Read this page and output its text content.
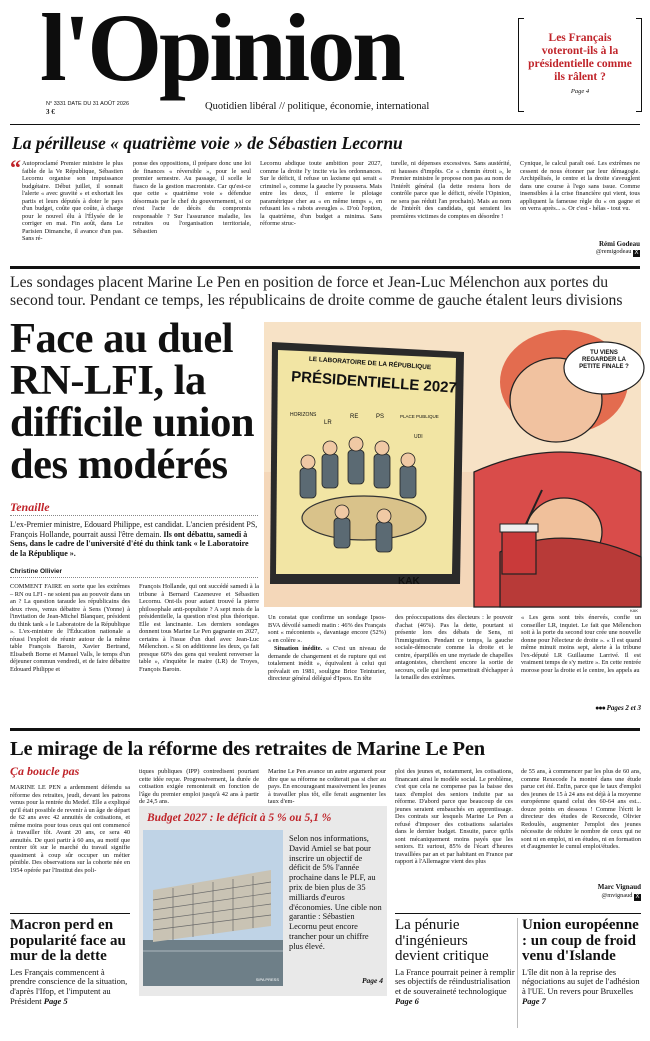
l'Opinion
N° 3331 DATE DU 31 AOÛT 2026
3 €	Quotidien libéral // politique, économie, international
Les Français voteront-ils à la présidentielle comme ils râlent ?
Page 4
La périlleuse « quatrième voie » de Sébastien Lecornu
“ Autoproclamé Premier ministre le plus faible de la Ve République, Sébastien Lecornu organise son impuissance budgétaire. Début juillet, il sonnait l'alerte « avec gravité » et exhortait les partis et leurs députés à doter le pays d'un budget, coûte que coûte, à charge pour le nouvel élu à l'Élysée de le corriger en mai. Fin août, dans Le Parisien Dimanche, il avance d'un pas. Sans ré-

ponse des oppositions, il prépare donc une loi de finances « réversible », pour le seul premier semestre. Au passage, il scelle le fiasco de la gestion macroniste. Car qu'est-ce que cette « quatrième voie » défendue désormais par le chef du gouvernement, si ce n'est l'acte de décès du compromis responsable ? Sur l'assurance maladie, les retraites ou l'organisation territoriale, Sébastien

Lecornu abdique toute ambition pour 2027, comme la droite l'y incite via les ordonnances. Sur le déficit, il refuse un laxisme qui serait « criminel », comme la gauche l'y poussera. Mais entre les deux, il enterre le pilotage paramétrique cher au « en même temps », en refusant les « rabots aveugles ». D'où l'option, la quatrième, d'un budget a minima. Sans réforme struc-

turelle, ni dépenses excessives. Sans austérité, ni hausses d'impôts. Ce « chemin étroit », le Premier ministre le propose non pas au nom de l'intérêt général (la dette restera hors de contrôle parce que le déficit, révèle l'Opinion, ne sera pas réduit l'an prochain). Mais au nom de l'intérêt des candidats, qui seraient les premières victimes de comptes en désordre !

Cynique, le calcul paraît osé. Les extrêmes ne cessent de nous étonner par leur démagogie. Archipélisés, le centre et la droite s'aveuglent dans une course à l'ego sans issue. Comme insensibles à la crise financière qui vient, tous appliquent la fameuse règle du « on gagne et on verra après... ». Or c'est - hélas - tout vu.

Rémi Godeau
@remigodeau X
Les sondages placent Marine Le Pen en position de force et Jean-Luc Mélenchon aux portes du second tour. Pendant ce temps, les républicains de droite comme de gauche étalent leurs divisions
Face au duel RN-LFI, la difficile union des modérés
Tenaille
L'ex-Premier ministre, Edouard Philippe, est candidat. L'ancien président PS, François Hollande, pourrait aussi l'être demain. Ils ont débattu, samedi à Sens, dans le cadre de l'université d'été du think tank « le Laboratoire de la République ».
Christine Ollivier
LE LABORATOIRE DE LA RÉPUBLIQUE
PRÉSIDENTIELLE 2027
HORIZONS
LR
RE	PS	PLACE PUBLIQUE
UDI
TU VIENS REGARDER LA PETITE FINALE ?
KAK
KAK

COMMENT FAIRE en sorte que les extrêmes – RN ou LFI - ne soient pas au pouvoir dans un an ? La question taraude les républicains des deux rives, venus débattre à Sens (Yonne) à l'invitation de Jean-Michel Blanquer, président du think tank « le Laboratoire de la République ». L'ex-ministre de l'Éducation nationale a réussi l'exploit de réunir autour de la même table François Baroin, Xavier Bertrand, Elisabeth Borne et Manuel Valls, le temps d'un déjeuner commun vendredi, et de faire débattre Edouard Philippe et

François Hollande, qui ont succédé samedi à la tribune à Bernard Cazeneuve et Sébastien Lecornu. Ont-ils pour autant trouvé la pierre philosophale anti-populiste ? A sept mois de la présidentielle, la question n'est plus théorique. Elle est lancinante. Les derniers sondages donnent tous Marine Le Pen gagnante en 2027, certains à l'issue d'un duel avec Jean-Luc Mélenchon. « Si on additionne les deux, ça fait presque 60% des gens qui veulent renverser la table », s'inquiète le maire (LR) de Troyes, François Baroin.

Un constat que confirme un sondage Ipsos-BVA dévoilé samedi matin : 46% des Français sont « mécontents », davantage encore (52%) « en colère ».

Situation inédite. « C'est un niveau de demande de changement et de rupture qui est totalement inédit », équivalent à celui qui prévalait en 1981, souligne Brice Teinturier, directeur général délégué d'Ipsos. En tête

des préoccupations des électeurs : le pouvoir d'achat (46%). Pas la dette, pourtant si présente lors des débats de Sens, ni l'immigration. Pendant ce temps, la gauche sociale-démocrate comme la droite et le centre, éparpillés en une myriade de chapelles antagonistes, cherchent encore la sortie de secours, celle qui leur permettrait d'échapper à la tenaille des extrêmes.

« Les gens sont très énervés, confie un conseiller LR, inquiet. Le fait que Mélenchon soit à la porte du second tour crée une nouvelle donne pour l'électeur de droite ». « Il est quand même minuit moins sept, alerte à la tribune l'ex-député LR Guillaume Larrivé. Il est vraiment temps de s'y mettre ». En cette rentrée morose pour la droite et le centre, les appels au

●●● Pages 2 et 3
Le mirage de la réforme des retraites de Marine Le Pen
Ça boucle pas

MARINE LE PEN a ardemment défendu sa réforme des retraites, jeudi, devant les patrons venus pour la rentrée du Medef. Elle a expliqué qu'il était possible de revenir à un âge de départ de 62 ans avec 42 annuités de cotisations, et même moins pour tous ceux qui ont commencé à travailler tôt. Avant 20 ans, ce sera 40 annuités. De quoi partir à 60 ans, au motif que rentrer tôt sur le marché du travail signifie quasiment à coup sûr occuper un métier pénible. Des observations sur la cohorte née en 1954 opérée par l'Institut des poli-

tiques publiques (IPP) contredisent pourtant cette idée reçue. Progressivement, la durée de cotisation exigée remonterait en fonction de l'âge du premier emploi jusqu'à 42 ans à partir de 24,5 ans.

Marine Le Pen avance un autre argument pour dire que sa réforme ne coûterait pas si cher au pays. En encourageant massivement les jeunes à travailler plus tôt, elle ferait augmenter les taux d'em-

ploi des jeunes et, notamment, les cotisations, financant ainsi le modèle social. Le problème, c'est que cela ne compense pas la baisse des taux d'emploi des seniors induite par sa réforme. D'abord parce que beaucoup de ces jeunes seraient embauchés en apprentissage. Des contrats sur lesquels Marine Le Pen a refusé d'imposer des cotisations salariales dans le dernier budget. Ensuite, parce qu'ils sont mécaniquement moins payés que les seniors. Et surtout, 85% de l'écart d'heures travaillées par an et par habitant en France par rapport à l'Allemagne vient des plus

de 55 ans, à commencer par les plus de 60 ans, comme Rexecode l'a montré dans une étude parue cet été. Enfin, parce que le taux d'emploi des jeunes de 15 à 24 ans est déjà à la moyenne européenne quand celui des 60-64 ans est... douze points en dessous ! Comme l'écrit le directeur des études de Rexecode, Olivier Redoulès, augmenter l'emploi des jeunes nécessite de réduire le nombre de ceux qui ne sont ni en emploi, ni en études, ni en formation et d'augmenter le cumul emploi/études.

Marc Vignaud
@mvignaud X
Budget 2027 : le déficit à 5 % ou 5,1 %
SIPA PRESS
Selon nos informations, David Amiel se bat pour inscrire un objectif de déficit de 5% l'année prochaine dans le PLF, au prix de bien plus de 35 milliards d'euros d'économies. Une cible non garantie : Sébastien Lecornu peut encore trancher pour un chiffre plus élevé.
Page 4
Macron perd en popularité face au mur de la dette
Les Français commencent à prendre conscience de la situation, d'après l'Ifop, et l'imputent au Président Page 5
La pénurie d'ingénieurs devient critique
La France pourrait peiner à remplir ses objectifs de réindustrialisation et de souveraineté technologique Page 6
Union européenne : un coup de froid venu d'Islande
L'île dit non à la reprise des négociations au sujet de l'adhésion à l'UE. Un revers pour Bruxelles Page 7
